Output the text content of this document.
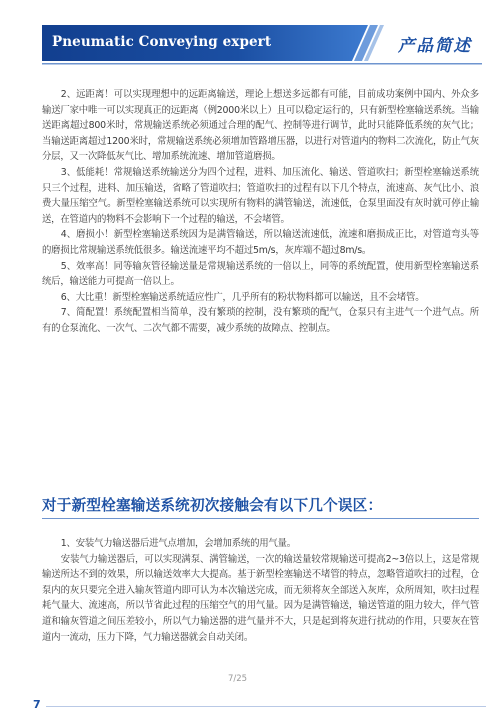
Pneumatic Conveying expert	产品简述

2、远距离！可以实现理想中的远距离输送，理论上想送多远都有可能，目前成功案例中国内、外众多输送厂家中唯一可以实现真正的远距离（例2000米以上）且可以稳定运行的，只有新型栓塞输送系统。当输送距离超过800米时，常规输送系统必须通过合理的配气、控制等进行调节，此时只能降低系统的灰气比；当输送距离超过1200米时，常规输送系统必须增加管路增压器，以进行对管道内的物料二次流化，防止气灰分层，又一次降低灰气比、增加系统流速、增加管道磨损。

3、低能耗！常规输送系统输送分为四个过程，进料、加压流化、输送、管道吹扫；新型栓塞输送系统只三个过程，进料、加压输送，省略了管道吹扫；管道吹扫的过程有以下几个特点，流速高、灰气比小、浪费大量压缩空气。新型栓塞输送系统可以实现所有物料的满管输送，流速低，仓泵里面没有灰时就可停止输送，在管道内的物料不会影响下一个过程的输送，不会堵管。

4、磨损小！新型栓塞输送系统因为是满管输送，所以输送流速低，流速和磨损成正比，对管道弯头等的磨损比常规输送系统低很多。输送流速平均不超过5m/s，灰库端不超过8m/s。

5、效率高！同等输灰管径输送量是常规输送系统的一倍以上，同等的系统配置，使用新型栓塞输送系统后，输送能力可提高一倍以上。

6、大比重！新型栓塞输送系统适应性广，几乎所有的粉状物料都可以输送，且不会堵管。

7、简配置！系统配置相当简单，没有繁琐的控制，没有繁琐的配气，仓泵只有主进气一个进气点。所有的仓泵流化、一次气、二次气都不需要，减少系统的故障点、控制点。

对于新型栓塞输送系统初次接触会有以下几个误区：

1、安装气力输送器后进气点增加，会增加系统的用气量。

安装气力输送器后，可以实现满泵、满管输送，一次的输送量较常规输送可提高2~3倍以上，这是常规输送所达不到的效果，所以输送效率大大提高。基于新型栓塞输送不堵管的特点，忽略管道吹扫的过程，仓泵内的灰只要完全进入输灰管道内即可认为本次输送完成，而无须将灰全部送入灰库，众所周知，吹扫过程耗气量大、流速高，所以节省此过程的压缩空气的用气量。因为是满管输送，输送管道的阻力较大，伴气管道和输灰管道之间压差较小，所以气力输送器的进气量并不大，只是起到将灰进行扰动的作用，只要灰在管道内一流动，压力下降，气力输送器就会自动关闭。

7/25
7
